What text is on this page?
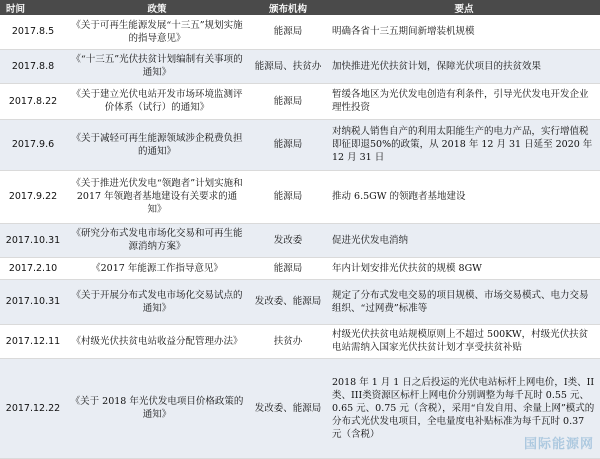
时间	政策	颁布机构	要点
2017.8.5	《关于可再生能源发展“十三五”规划实施的指导意见》	能源局	明确各省十三五期间新增装机规模
2017.8.8	《“十三五”光伏扶贫计划编制有关事项的通知》	能源局、扶贫办	加快推进光伏扶贫计划，保障光伏项目的扶贫效果
2017.8.22	《关于建立光伏电站开发市场环境监测评价体系（试行）的通知》	能源局	暂缓各地区为光伏发电创造有利条件，引导光伏发电开发企业理性投资
2017.9.6	《关于减轻可再生能源领域涉企税费负担的通知》	能源局	对纳税人销售自产的利用太阳能生产的电力产品，实行增值税即征即退50%的政策，从 2018 年 12 月 31 日延至 2020 年 12 月 31 日
2017.9.22	《关于推进光伏发电“领跑者”计划实施和 2017 年领跑者基地建设有关要求的通知》	能源局	推动 6.5GW 的领跑者基地建设
2017.10.31	《研究分布式发电市场化交易和可再生能源消纳方案》	发改委	促进光伏发电消纳
2017.2.10	《2017 年能源工作指导意见》	能源局	年内计划安排光伏扶贫的规模 8GW
2017.10.31	《关于开展分布式发电市场化交易试点的通知》	发改委、能源局	规定了分布式发电交易的项目规模、市场交易模式、电力交易组织、“过网费”标准等
2017.12.11	《村级光伏扶贫电站收益分配管理办法》	扶贫办	村级光伏扶贫电站规模原则上不超过 500KW，村级光伏扶贫电站需纳入国家光伏扶贫计划才享受扶贫补贴
2017.12.22	《关于 2018 年光伏发电项目价格政策的通知》	发改委、能源局	2018 年 1 月 1 日之后投运的光伏电站标杆上网电价，I类、II类、III类资源区标杆上网电价分别调整为每千瓦时 0.55 元、0.65 元、0.75 元（含税），采用“自发自用、余量上网”模式的分布式光伏发电项目，全电量度电补贴标准为每千瓦时 0.37 元（含税）
国际能源网
